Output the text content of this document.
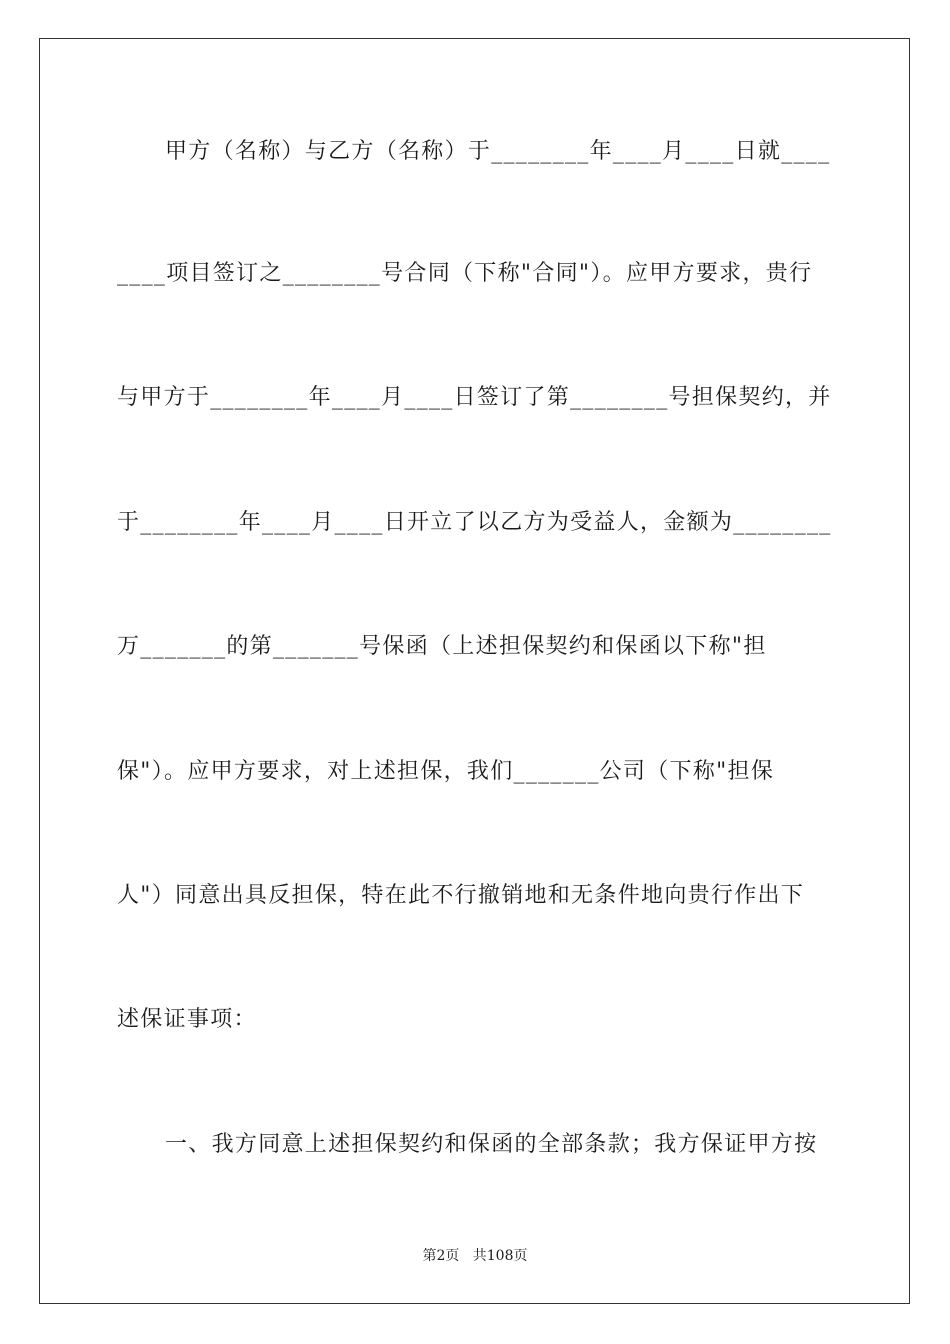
甲方（名称）与乙方（名称）于________年____月____日就____
____项目签订之________号合同（下称"合同"）。应甲方要求，贵行
与甲方于________年____月____日签订了第________号担保契约，并
于________年____月____日开立了以乙方为受益人，金额为________
万_______的第_______号保函（上述担保契约和保函以下称"担
保"）。应甲方要求，对上述担保，我们_______公司（下称"担保
人"）同意出具反担保，特在此不行撤销地和无条件地向贵行作出下
述保证事项：
一、我方同意上述担保契约和保函的全部条款；我方保证甲方按
第2页 共108页
